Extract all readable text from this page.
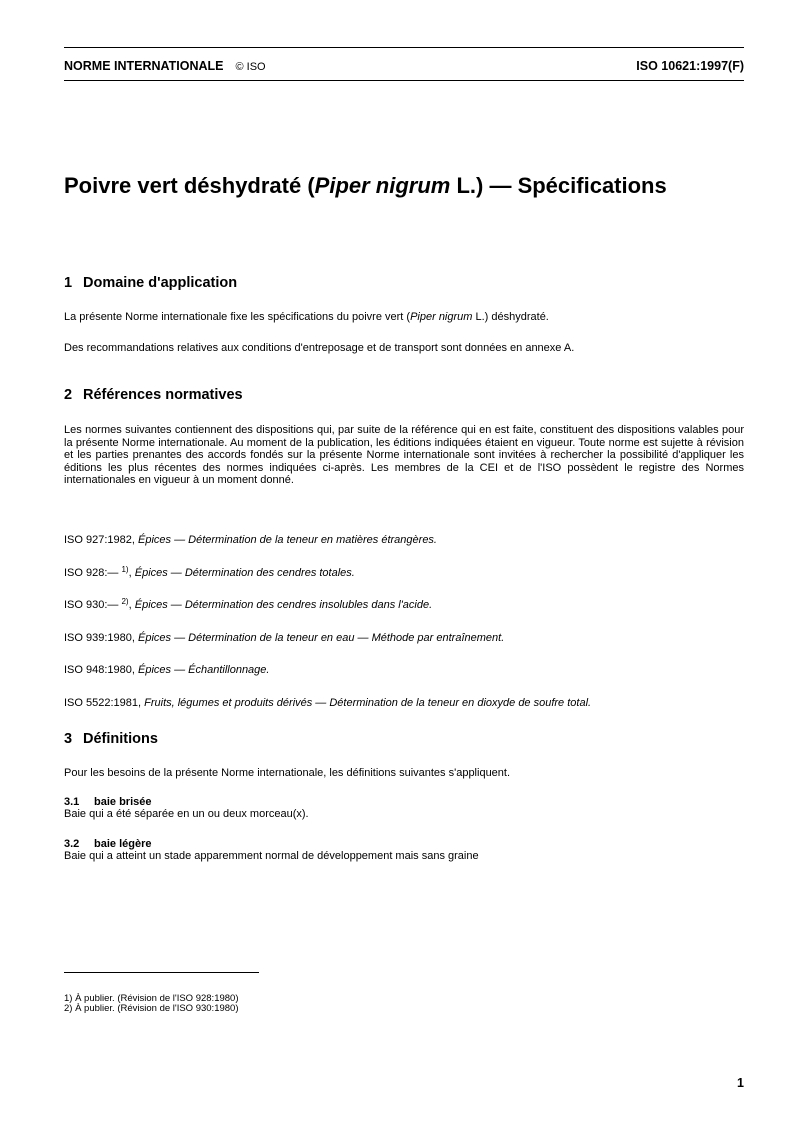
NORME INTERNATIONALE © ISO	ISO 10621:1997(F)
Poivre vert déshydraté (Piper nigrum L.) — Spécifications
1 Domaine d'application

La présente Norme internationale fixe les spécifications du poivre vert (Piper nigrum L.) déshydraté.

Des recommandations relatives aux conditions d'entreposage et de transport sont données en annexe A.

2 Références normatives

Les normes suivantes contiennent des dispositions qui, par suite de la référence qui en est faite, constituent des dispositions valables pour la présente Norme internationale. Au moment de la publication, les éditions indiquées étaient en vigueur. Toute norme est sujette à révision et les parties prenantes des accords fondés sur la présente Norme internationale sont invitées à rechercher la possibilité d'appliquer les éditions les plus récentes des normes indiquées ci-après. Les membres de la CEI et de l'ISO possèdent le registre des Normes internationales en vigueur à un moment donné.

ISO 927:1982, Épices — Détermination de la teneur en matières étrangères.

ISO 928:— $^{1)}$, Épices — Détermination des cendres totales.

ISO 930:— $^{2)}$, Épices — Détermination des cendres insolubles dans l'acide.

ISO 939:1980, Épices — Détermination de la teneur en eau — Méthode par entraînement.

ISO 948:1980, Épices — Échantillonnage.

ISO 5522:1981, Fruits, légumes et produits dérivés — Détermination de la teneur en dioxyde de soufre total.

3 Définitions

Pour les besoins de la présente Norme internationale, les définitions suivantes s'appliquent.

3.1 baie brisée

Baie qui a été séparée en un ou deux morceau(x).

3.2 baie légère

Baie qui a atteint un stade apparemment normal de développement mais sans graine

1) À publier. (Révision de l'ISO 928:1980)

2) À publier. (Révision de l'ISO 930:1980)

1
